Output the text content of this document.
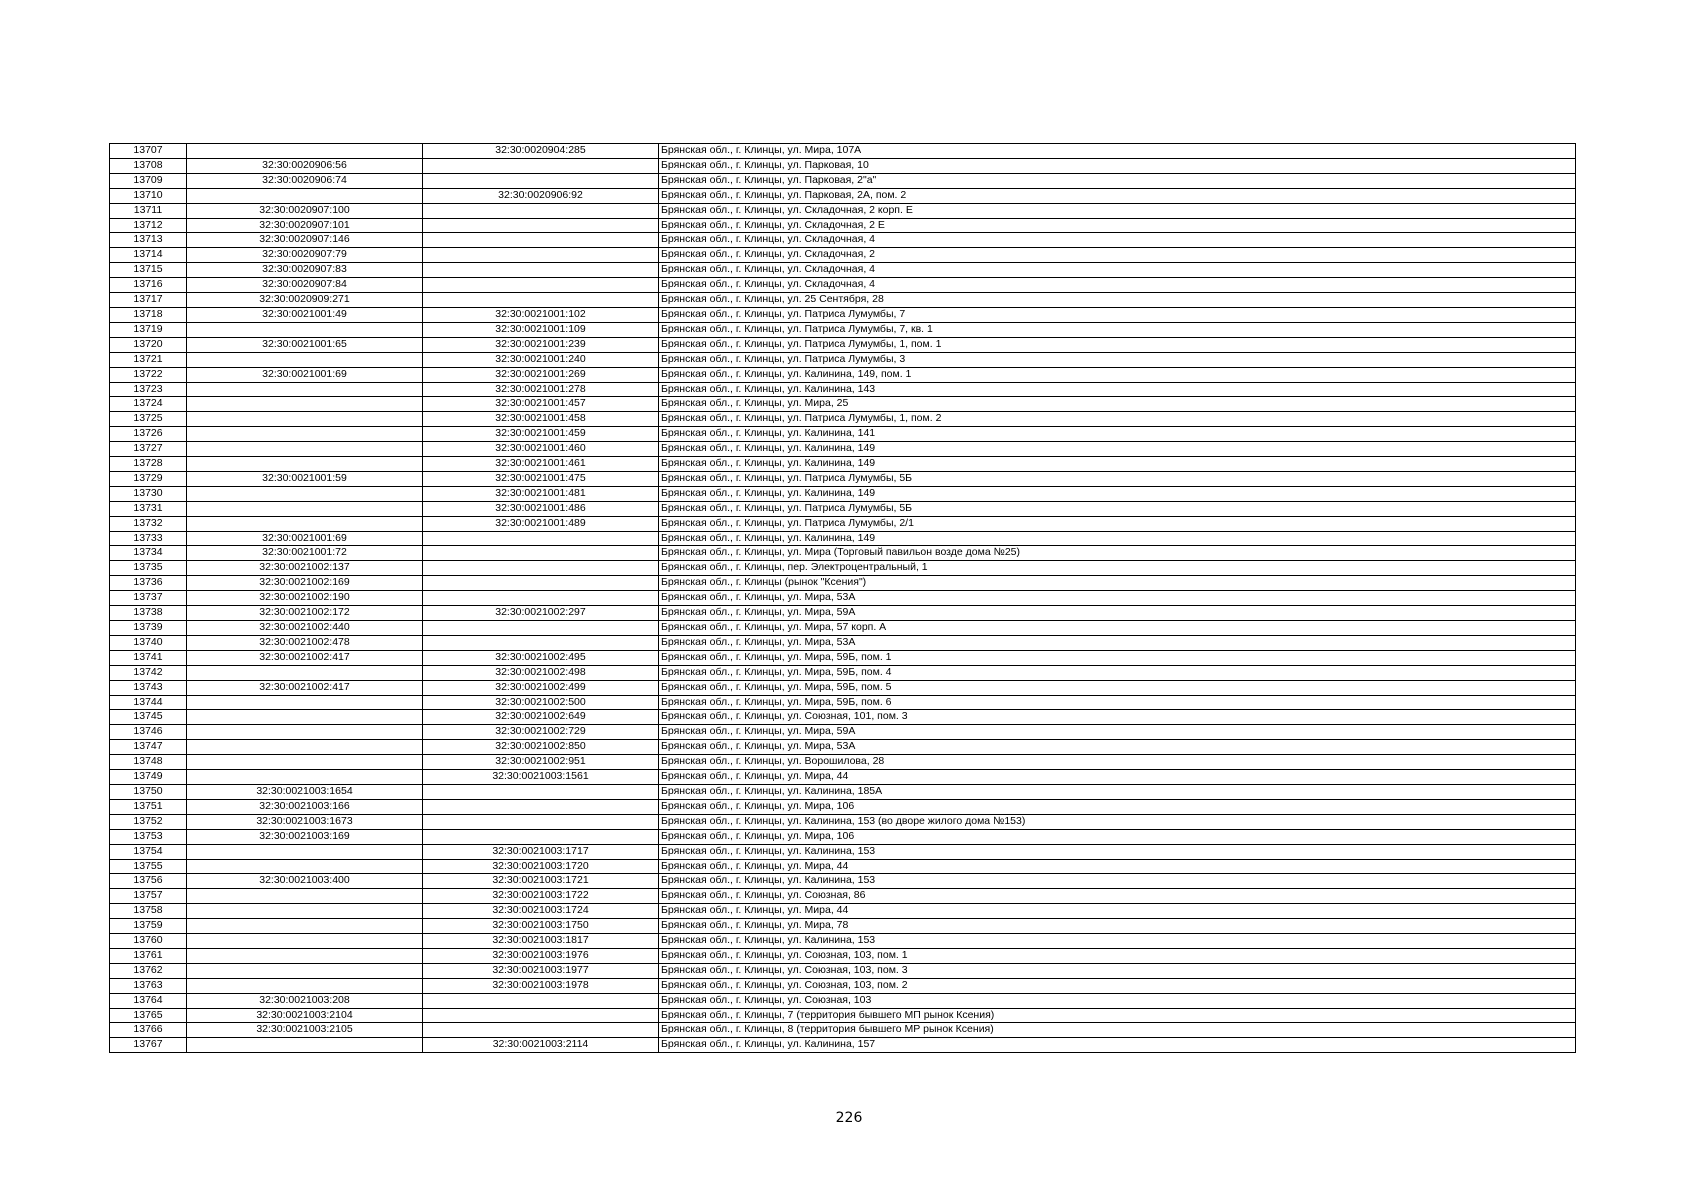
13707		32:30:0020904:285	Брянская обл., г. Клинцы, ул. Мира, 107А
13708	32:30:0020906:56		Брянская обл., г. Клинцы, ул. Парковая, 10
13709	32:30:0020906:74		Брянская обл., г. Клинцы, ул. Парковая, 2"а"
13710		32:30:0020906:92	Брянская обл., г. Клинцы, ул. Парковая, 2А, пом. 2
13711	32:30:0020907:100		Брянская обл., г. Клинцы, ул. Складочная, 2 корп. Е
13712	32:30:0020907:101		Брянская обл., г. Клинцы, ул. Складочная, 2 Е
13713	32:30:0020907:146		Брянская обл., г. Клинцы, ул. Складочная, 4
13714	32:30:0020907:79		Брянская обл., г. Клинцы, ул. Складочная, 2
13715	32:30:0020907:83		Брянская обл., г. Клинцы, ул. Складочная, 4
13716	32:30:0020907:84		Брянская обл., г. Клинцы, ул. Складочная, 4
13717	32:30:0020909:271		Брянская обл., г. Клинцы, ул. 25 Сентября, 28
13718	32:30:0021001:49	32:30:0021001:102	Брянская обл., г. Клинцы, ул. Патриса Лумумбы, 7
13719		32:30:0021001:109	Брянская обл., г. Клинцы, ул. Патриса Лумумбы, 7, кв. 1
13720	32:30:0021001:65	32:30:0021001:239	Брянская обл., г. Клинцы, ул. Патриса Лумумбы, 1, пом. 1
13721		32:30:0021001:240	Брянская обл., г. Клинцы, ул. Патриса Лумумбы, 3
13722	32:30:0021001:69	32:30:0021001:269	Брянская обл., г. Клинцы, ул. Калинина, 149, пом. 1
13723		32:30:0021001:278	Брянская обл., г. Клинцы, ул. Калинина, 143
13724		32:30:0021001:457	Брянская обл., г. Клинцы, ул. Мира, 25
13725		32:30:0021001:458	Брянская обл., г. Клинцы, ул. Патриса Лумумбы, 1, пом. 2
13726		32:30:0021001:459	Брянская обл., г. Клинцы, ул. Калинина, 141
13727		32:30:0021001:460	Брянская обл., г. Клинцы, ул. Калинина, 149
13728		32:30:0021001:461	Брянская обл., г. Клинцы, ул. Калинина, 149
13729	32:30:0021001:59	32:30:0021001:475	Брянская обл., г. Клинцы, ул. Патриса Лумумбы, 5Б
13730		32:30:0021001:481	Брянская обл., г. Клинцы, ул. Калинина, 149
13731		32:30:0021001:486	Брянская обл., г. Клинцы, ул. Патриса Лумумбы, 5Б
13732		32:30:0021001:489	Брянская обл., г. Клинцы, ул. Патриса Лумумбы, 2/1
13733	32:30:0021001:69		Брянская обл., г. Клинцы, ул. Калинина, 149
13734	32:30:0021001:72		Брянская обл., г. Клинцы, ул. Мира (Торговый павильон возде дома №25)
13735	32:30:0021002:137		Брянская обл., г. Клинцы, пер. Электроцентральный, 1
13736	32:30:0021002:169		Брянская обл., г. Клинцы (рынок "Ксения")
13737	32:30:0021002:190		Брянская обл., г. Клинцы, ул. Мира, 53А
13738	32:30:0021002:172	32:30:0021002:297	Брянская обл., г. Клинцы, ул. Мира, 59А
13739	32:30:0021002:440		Брянская обл., г. Клинцы, ул. Мира, 57 корп. А
13740	32:30:0021002:478		Брянская обл., г. Клинцы, ул. Мира, 53А
13741	32:30:0021002:417	32:30:0021002:495	Брянская обл., г. Клинцы, ул. Мира, 59Б, пом. 1
13742		32:30:0021002:498	Брянская обл., г. Клинцы, ул. Мира, 59Б, пом. 4
13743	32:30:0021002:417	32:30:0021002:499	Брянская обл., г. Клинцы, ул. Мира, 59Б, пом. 5
13744		32:30:0021002:500	Брянская обл., г. Клинцы, ул. Мира, 59Б, пом. 6
13745		32:30:0021002:649	Брянская обл., г. Клинцы, ул. Союзная, 101, пом. 3
13746		32:30:0021002:729	Брянская обл., г. Клинцы, ул. Мира, 59А
13747		32:30:0021002:850	Брянская обл., г. Клинцы, ул. Мира, 53А
13748		32:30:0021002:951	Брянская обл., г. Клинцы, ул. Ворошилова, 28
13749		32:30:0021003:1561	Брянская обл., г. Клинцы, ул. Мира, 44
13750	32:30:0021003:1654		Брянская обл., г. Клинцы, ул. Калинина, 185А
13751	32:30:0021003:166		Брянская обл., г. Клинцы, ул. Мира, 106
13752	32:30:0021003:1673		Брянская обл., г. Клинцы, ул. Калинина, 153 (во дворе жилого дома №153)
13753	32:30:0021003:169		Брянская обл., г. Клинцы, ул. Мира, 106
13754		32:30:0021003:1717	Брянская обл., г. Клинцы, ул. Калинина, 153
13755		32:30:0021003:1720	Брянская обл., г. Клинцы, ул. Мира, 44
13756	32:30:0021003:400	32:30:0021003:1721	Брянская обл., г. Клинцы, ул. Калинина, 153
13757		32:30:0021003:1722	Брянская обл., г. Клинцы, ул. Союзная, 86
13758		32:30:0021003:1724	Брянская обл., г. Клинцы, ул. Мира, 44
13759		32:30:0021003:1750	Брянская обл., г. Клинцы, ул. Мира, 78
13760		32:30:0021003:1817	Брянская обл., г. Клинцы, ул. Калинина, 153
13761		32:30:0021003:1976	Брянская обл., г. Клинцы, ул. Союзная, 103, пом. 1
13762		32:30:0021003:1977	Брянская обл., г. Клинцы, ул. Союзная, 103, пом. 3
13763		32:30:0021003:1978	Брянская обл., г. Клинцы, ул. Союзная, 103, пом. 2
13764	32:30:0021003:208		Брянская обл., г. Клинцы, ул. Союзная, 103
13765	32:30:0021003:2104		Брянская обл., г. Клинцы, 7 (территория бывшего МП рынок Ксения)
13766	32:30:0021003:2105		Брянская обл., г. Клинцы, 8 (территория бывшего МР рынок Ксения)
13767		32:30:0021003:2114	Брянская обл., г. Клинцы, ул. Калинина, 157
226
